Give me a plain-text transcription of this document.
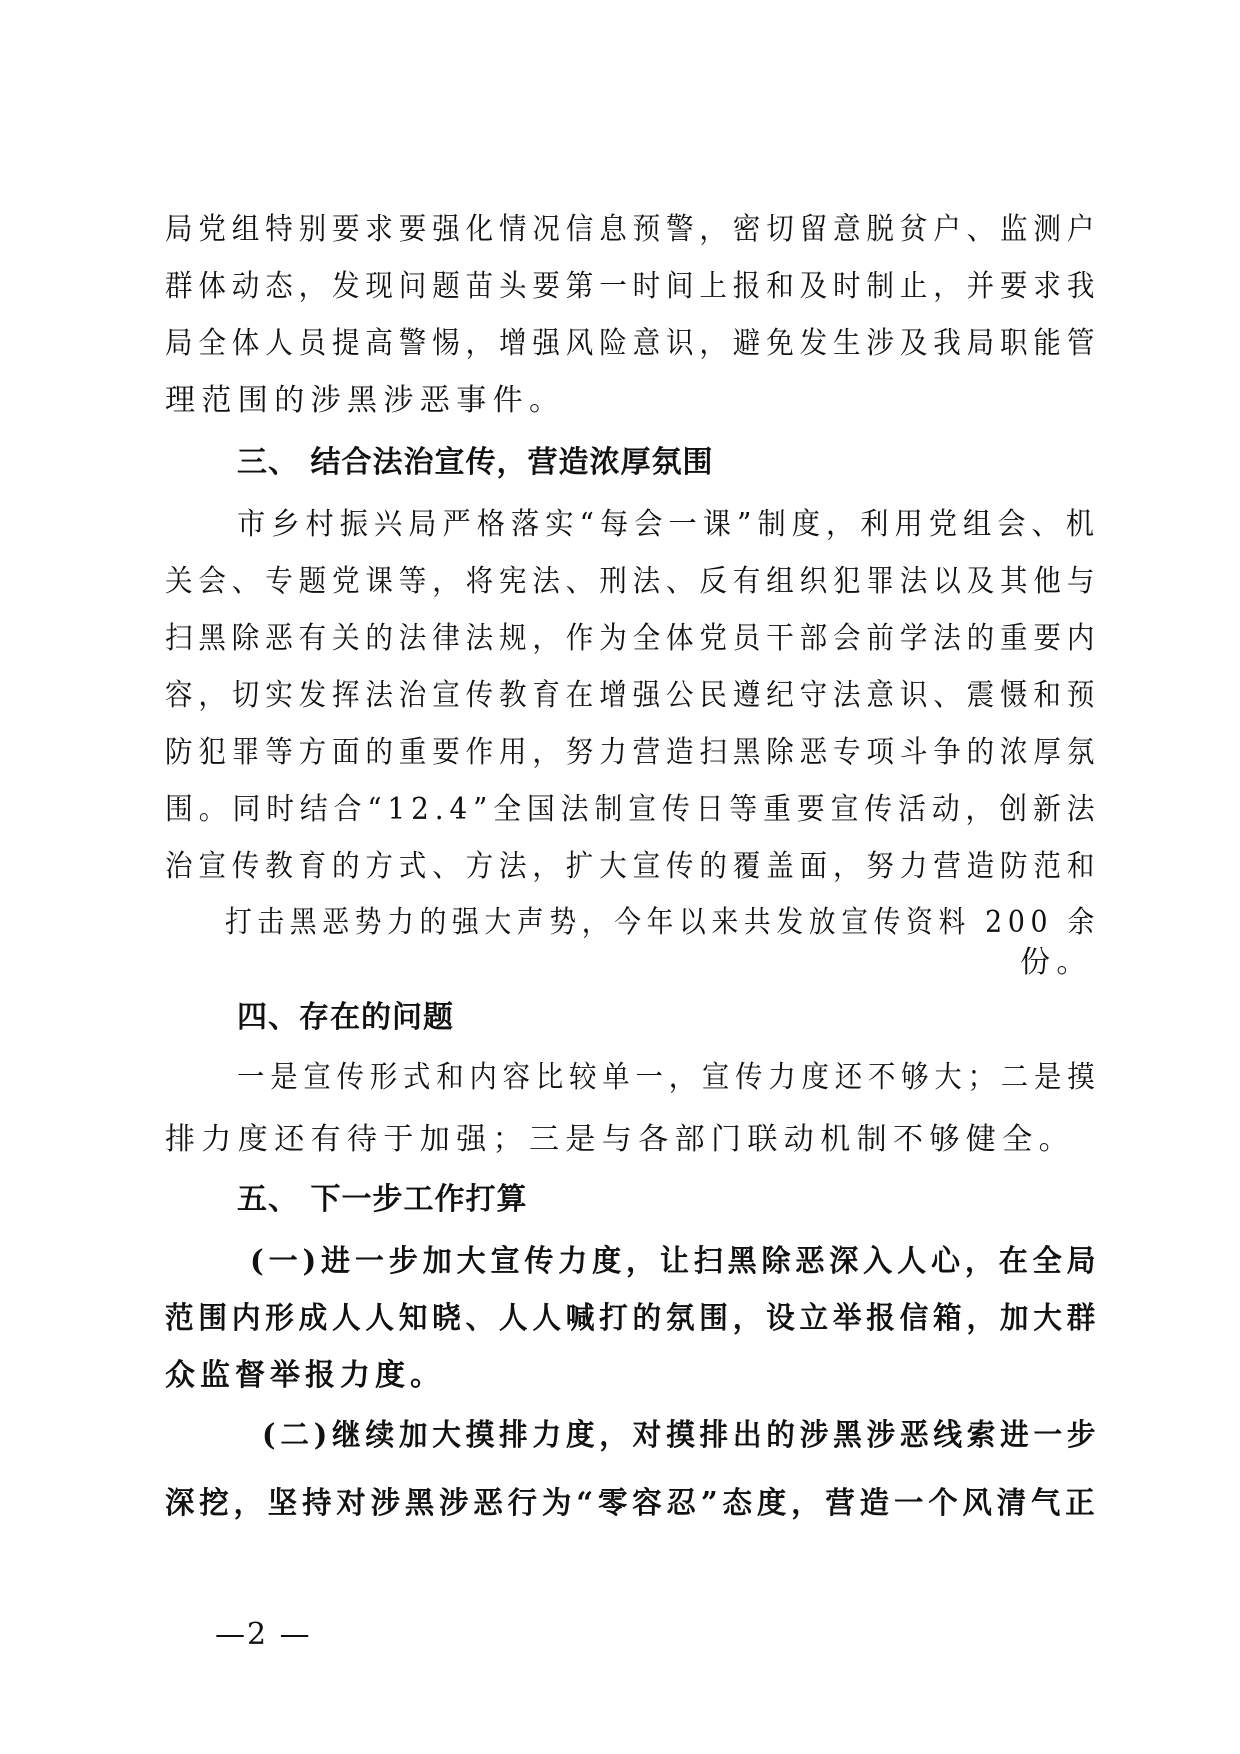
局党组特别要求要强化情况信息预警，密切留意脱贫户、监测户
群体动态，发现问题苗头要第一时间上报和及时制止，并要求我
局全体人员提高警惕，增强风险意识，避免发生涉及我局职能管
理范围的涉黑涉恶事件。
三、 结合法治宣传，营造浓厚氛围
市乡村振兴局严格落实“每会一课”制度，利用党组会、机
关会、专题党课等，将宪法、刑法、反有组织犯罪法以及其他与
扫黑除恶有关的法律法规，作为全体党员干部会前学法的重要内
容，切实发挥法治宣传教育在增强公民遵纪守法意识、震慑和预
防犯罪等方面的重要作用，努力营造扫黑除恶专项斗争的浓厚氛
围。同时结合“12.4”全国法制宣传日等重要宣传活动，创新法
治宣传教育的方式、方法，扩大宣传的覆盖面，努力营造防范和
打击黑恶势力的强大声势，今年以来共发放宣传资料 200 余
份。
四、存在的问题
一是宣传形式和内容比较单一，宣传力度还不够大；二是摸
排力度还有待于加强；三是与各部门联动机制不够健全。
五、 下一步工作打算
(一)进一步加大宣传力度，让扫黑除恶深入人心，在全局
范围内形成人人知晓、人人喊打的氛围，设立举报信箱，加大群
众监督举报力度。
(二)继续加大摸排力度，对摸排出的涉黑涉恶线索进一步
深挖，坚持对涉黑涉恶行为“零容忍”态度，营造一个风清气正
—2 —
